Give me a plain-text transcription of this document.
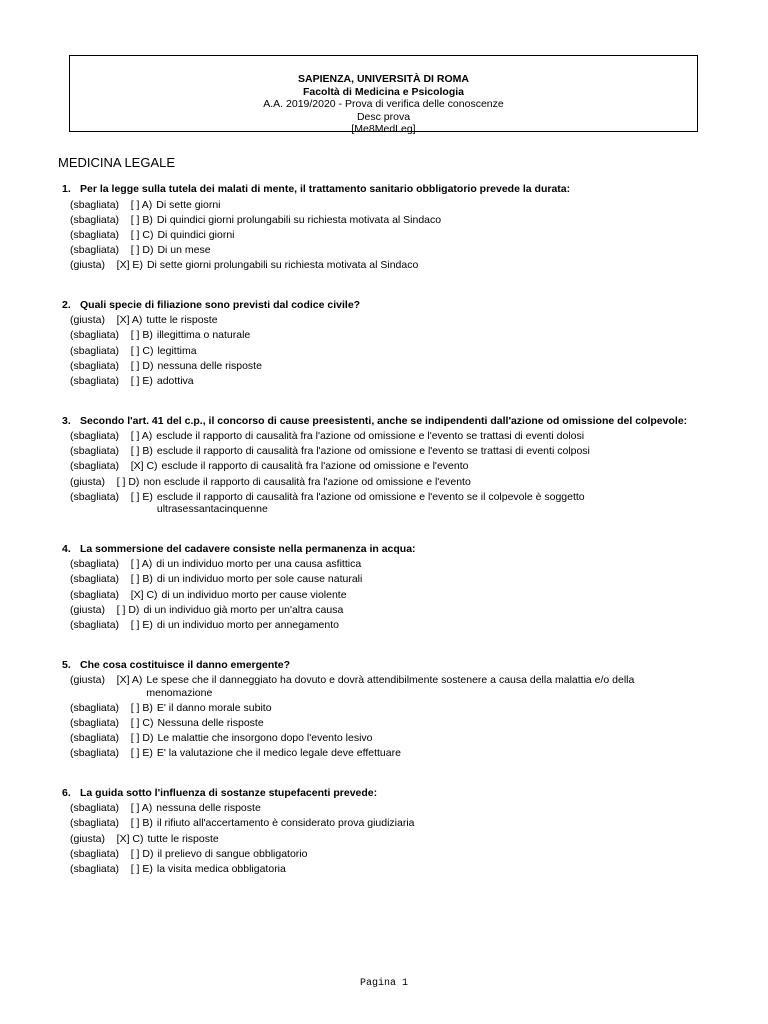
SAPIENZA, UNIVERSITÀ DI ROMA
Facoltà di Medicina e Psicologia
A.A. 2019/2020 - Prova di verifica delle conoscenze
Desc prova
[Me8MedLeg]
MEDICINA LEGALE
1. Per la legge sulla tutela dei malati di mente, il trattamento sanitario obbligatorio prevede la durata:
(sbagliata)    [ ] A) Di sette giorni
(sbagliata)    [ ] B) Di quindici giorni prolungabili su richiesta motivata al Sindaco
(sbagliata)    [ ] C) Di quindici giorni
(sbagliata)    [ ] D) Di un mese
(giusta)    [X] E) Di sette giorni prolungabili su richiesta motivata al Sindaco
2. Quali specie di filiazione sono previsti dal codice civile?
(giusta)    [X] A) tutte le risposte
(sbagliata)    [ ] B) illegittima o naturale
(sbagliata)    [ ] C) legittima
(sbagliata)    [ ] D) nessuna delle risposte
(sbagliata)    [ ] E) adottiva
3. Secondo l'art. 41 del c.p., il concorso di cause preesistenti, anche se indipendenti dall'azione od omissione del colpevole:
(sbagliata)    [ ] A) esclude il rapporto di causalità fra l'azione od omissione e l'evento se trattasi di eventi dolosi
(sbagliata)    [ ] B) esclude il rapporto di causalità fra l'azione od omissione e l'evento se trattasi di eventi colposi
(sbagliata)    [X] C) esclude il rapporto di causalità fra l'azione od omissione e l'evento
(giusta)    [ ] D) non esclude il rapporto di causalità fra l'azione od omissione e l'evento
(sbagliata)    [ ] E) esclude il rapporto di causalità fra l'azione od omissione e l'evento se il colpevole è soggetto ultrasessantacinquenne
4. La sommersione del cadavere consiste nella permanenza in acqua:
(sbagliata)    [ ] A) di un individuo morto per una causa asfittica
(sbagliata)    [ ] B) di un individuo morto per sole cause naturali
(sbagliata)    [X] C) di un individuo morto per cause violente
(giusta)    [ ] D) di un individuo già morto per un'altra causa
(sbagliata)    [ ] E) di un individuo morto per annegamento
5. Che cosa costituisce il danno emergente?
(giusta)    [X] A) Le spese che il danneggiato ha dovuto e dovrà attendibilmente sostenere a causa della malattia e/o della menomazione
(sbagliata)    [ ] B) E' il danno morale subito
(sbagliata)    [ ] C) Nessuna delle risposte
(sbagliata)    [ ] D) Le malattie che insorgono dopo l'evento lesivo
(sbagliata)    [ ] E) E' la valutazione che il medico legale deve effettuare
6. La guida sotto l'influenza di sostanze stupefacenti prevede:
(sbagliata)    [ ] A) nessuna delle risposte
(sbagliata)    [ ] B) il rifiuto all'accertamento è considerato prova giudiziaria
(giusta)    [X] C) tutte le risposte
(sbagliata)    [ ] D) il prelievo di sangue obbligatorio
(sbagliata)    [ ] E) la visita medica obbligatoria
Pagina 1
